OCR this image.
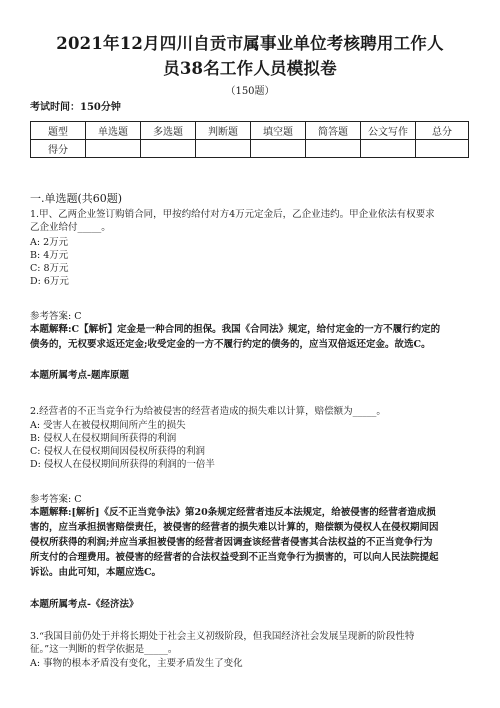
2021年12月四川自贡市属事业单位考核聘用工作人
员38名工作人员模拟卷
（150题）
考试时间：150分钟
题型	单选题	多选题	判断题	填空题	简答题	公文写作	总分
得分							
一.单选题(共60题)
1.甲、乙两企业签订购销合同，甲按约给付对方4万元定金后，乙企业违约。甲企业依法有权要求
乙企业给付_____。
A: 2万元
B: 4万元
C: 8万元
D: 6万元
参考答案: C
本题解释:C【解析】定金是一种合同的担保。我国《合同法》规定，给付定金的一方不履行约定的
债务的，无权要求返还定金;收受定金的一方不履行约定的债务的，应当双倍返还定金。故选C。
本题所属考点-题库原题
2.经营者的不正当竞争行为给被侵害的经营者造成的损失难以计算，赔偿额为_____。
A: 受害人在被侵权期间所产生的损失
B: 侵权人在侵权期间所获得的利润
C: 侵权人在侵权期间因侵权所获得的利润
D: 侵权人在侵权期间所获得的利润的一倍半
参考答案: C
本题解释:[解析]《反不正当竞争法》第20条规定经营者违反本法规定，给被侵害的经营者造成损
害的，应当承担损害赔偿责任，被侵害的经营者的损失难以计算的，赔偿额为侵权人在侵权期间因
侵权所获得的利润;并应当承担被侵害的经营者因调查该经营者侵害其合法权益的不正当竞争行为
所支付的合理费用。被侵害的经营者的合法权益受到不正当竞争行为损害的，可以向人民法院提起
诉讼。由此可知，本题应选C。
本题所属考点-《经济法》
3.“我国目前仍处于并将长期处于社会主义初级阶段，但我国经济社会发展呈现新的阶段性特
征。”这一判断的哲学依据是_____。
A: 事物的根本矛盾没有变化，主要矛盾发生了变化
